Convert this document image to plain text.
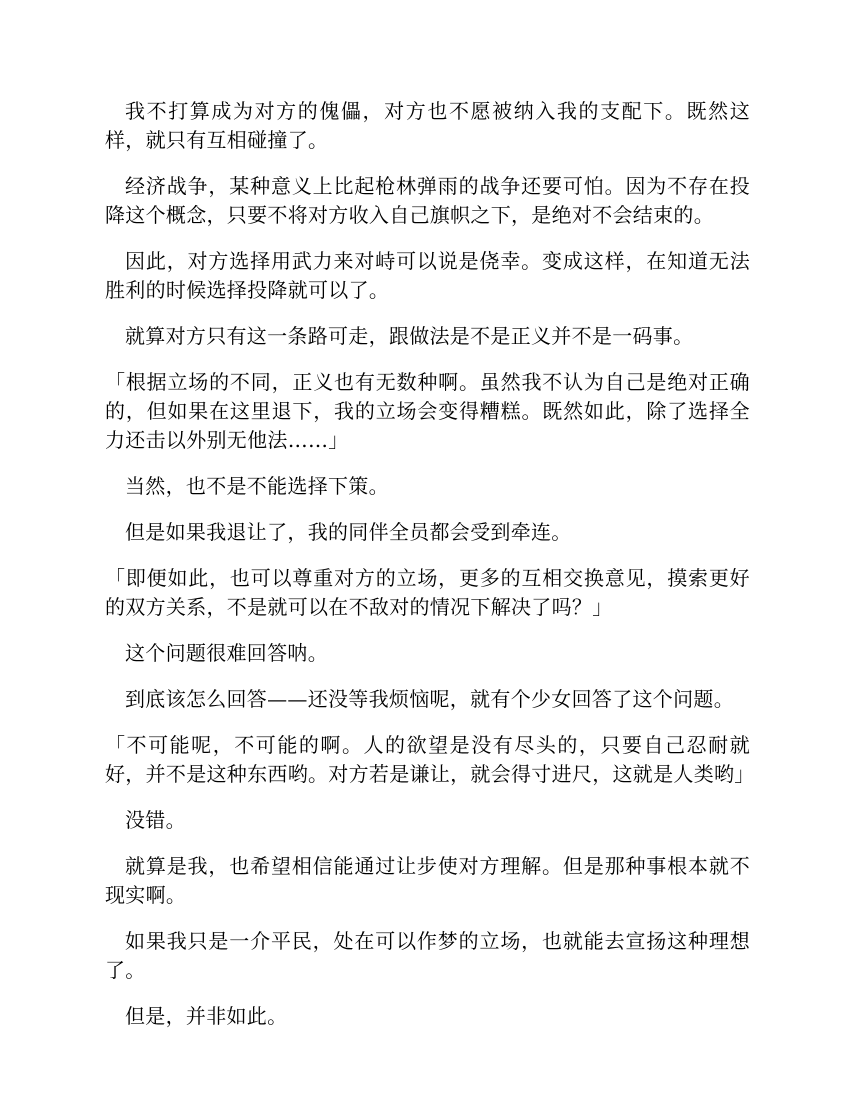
我不打算成为对方的傀儡，对方也不愿被纳入我的支配下。既然这样，就只有互相碰撞了。

经济战争，某种意义上比起枪林弹雨的战争还要可怕。因为不存在投降这个概念，只要不将对方收入自己旗帜之下，是绝对不会结束的。

因此，对方选择用武力来对峙可以说是侥幸。变成这样，在知道无法胜利的时候选择投降就可以了。

就算对方只有这一条路可走，跟做法是不是正义并不是一码事。

「根据立场的不同，正义也有无数种啊。虽然我不认为自己是绝对正确的，但如果在这里退下，我的立场会变得糟糕。既然如此，除了选择全力还击以外别无他法……」

当然，也不是不能选择下策。

但是如果我退让了，我的同伴全员都会受到牵连。

「即便如此，也可以尊重对方的立场，更多的互相交换意见，摸索更好的双方关系，不是就可以在不敌对的情况下解决了吗？」

这个问题很难回答呐。

到底该怎么回答——还没等我烦恼呢，就有个少女回答了这个问题。

「不可能呢，不可能的啊。人的欲望是没有尽头的，只要自己忍耐就好，并不是这种东西哟。对方若是谦让，就会得寸进尺，这就是人类哟」

没错。

就算是我，也希望相信能通过让步使对方理解。但是那种事根本就不现实啊。

如果我只是一介平民，处在可以作梦的立场，也就能去宣扬这种理想了。

但是，并非如此。
